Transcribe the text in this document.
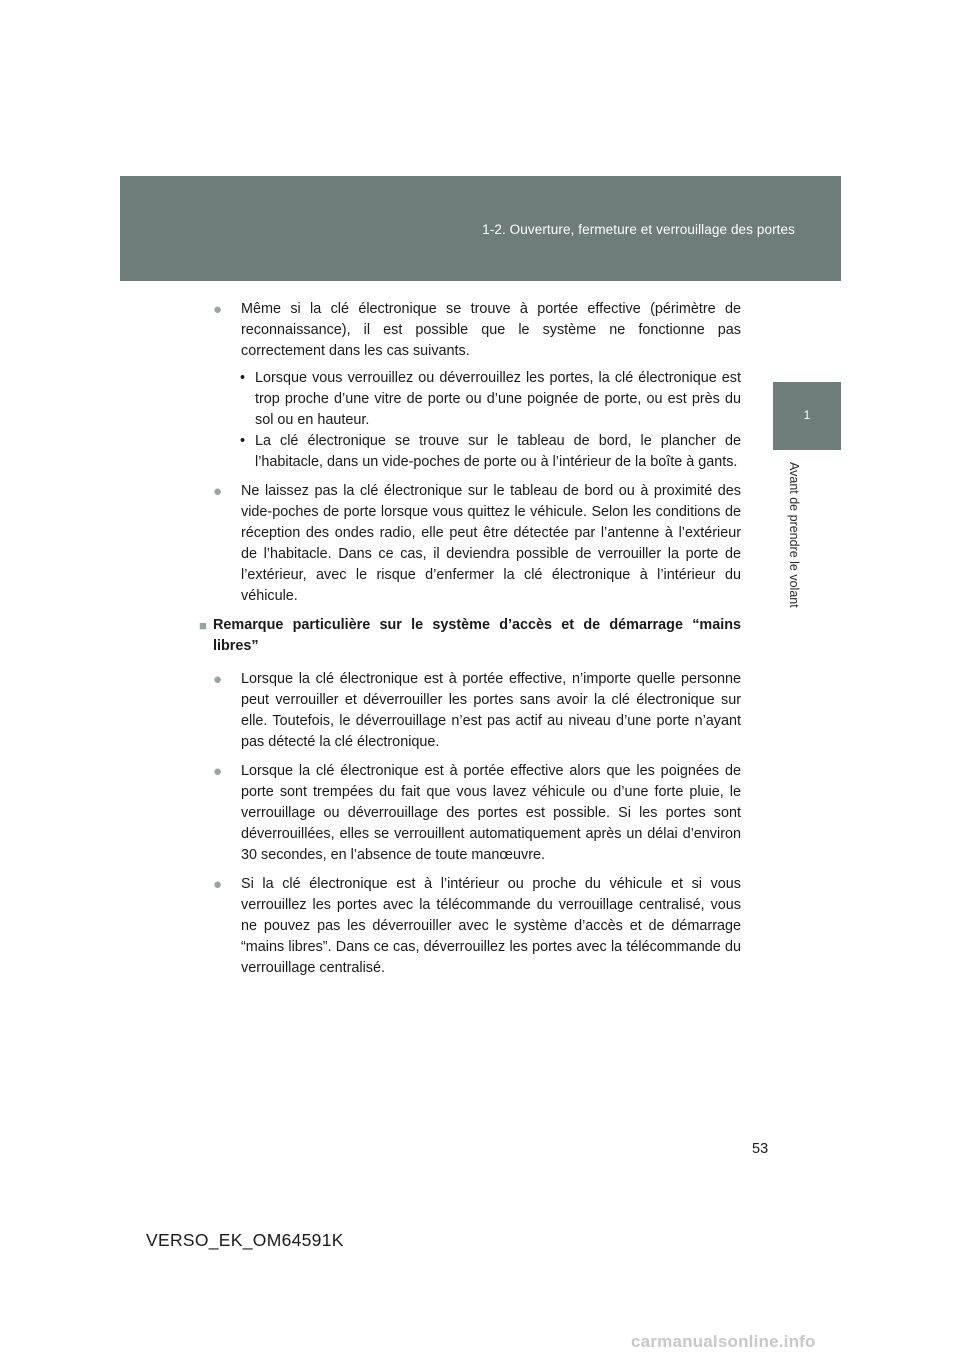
1-2. Ouverture, fermeture et verrouillage des portes
1
Avant de prendre le volant
● Même si la clé électronique se trouve à portée effective (périmètre de reconnaissance), il est possible que le système ne fonctionne pas correctement dans les cas suivants.
• Lorsque vous verrouillez ou déverrouillez les portes, la clé électronique est trop proche d’une vitre de porte ou d’une poignée de porte, ou est près du sol ou en hauteur.
• La clé électronique se trouve sur le tableau de bord, le plancher de l’habitacle, dans un vide-poches de porte ou à l’intérieur de la boîte à gants.
● Ne laissez pas la clé électronique sur le tableau de bord ou à proximité des vide-poches de porte lorsque vous quittez le véhicule. Selon les conditions de réception des ondes radio, elle peut être détectée par l’antenne à l’extérieur de l’habitacle. Dans ce cas, il deviendra possible de verrouiller la porte de l’extérieur, avec le risque d’enfermer la clé électronique à l’intérieur du véhicule.
■ Remarque particulière sur le système d’accès et de démarrage “mains libres”
● Lorsque la clé électronique est à portée effective, n’importe quelle personne peut verrouiller et déverrouiller les portes sans avoir la clé électronique sur elle. Toutefois, le déverrouillage n’est pas actif au niveau d’une porte n’ayant pas détecté la clé électronique.
● Lorsque la clé électronique est à portée effective alors que les poignées de porte sont trempées du fait que vous lavez véhicule ou d’une forte pluie, le verrouillage ou déverrouillage des portes est possible. Si les portes sont déverrouillées, elles se verrouillent automatiquement après un délai d’environ 30 secondes, en l’absence de toute manœuvre.
● Si la clé électronique est à l’intérieur ou proche du véhicule et si vous verrouillez les portes avec la télécommande du verrouillage centralisé, vous ne pouvez pas les déverrouiller avec le système d’accès et de démarrage “mains libres”. Dans ce cas, déverrouillez les portes avec la télécommande du verrouillage centralisé.
53
VERSO_EK_OM64591K
carmanualsonline.info
